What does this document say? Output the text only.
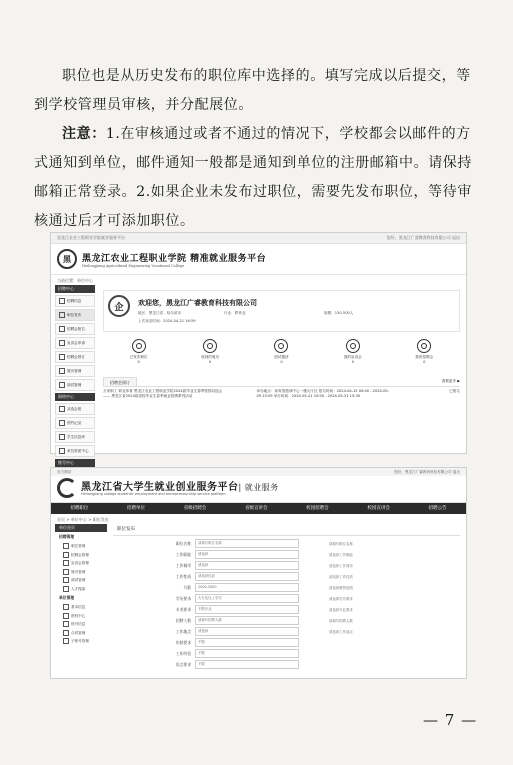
职位也是从历史发布的职位库中选择的。填写完成以后提交，等到学校管理员审核，并分配展位。

注意：1.在审核通过或者不通过的情况下，学校都会以邮件的方式通知到单位，邮件通知一般都是通知到单位的注册邮箱中。请保持邮箱正常登录。2.如果企业未发布过职位，需要先发布职位，等待审核通过后才可添加职位。

黑龙江农业工程职业学院就业服务平台	您好，黑龙江广睿教育科技有限公司 退出
黑	黑龙江农业工程职业学院 精准就业服务平台
Heilongjiang Agricultural Engineering Vocational College
当前位置：单位中心
招聘中心
招聘信息
职位发布
招聘会报名
宣讲会申请
招聘会预订
简历管理
面试管理
网络中心
双选会报
预约记录
学生信息库
单位资质中心
账号中心
企	欢迎您，黑龙江广睿教育科技有限公司
地区：黑龙江省 - 哈尔滨市	行业：教育业	规模：150-500人
上次登录时间：2024-04-21 16:59
已发布职位
0
收到的简历
0
面试邀请
0
我的宣讲会
0
我的招聘会
0
招聘会预订	查看更多 ▶
万家职工 职业体育 黑龙江农业工程职业学院2024届毕业生春季校园双选会 —— 黑龙江省2024届高校毕业生春季就业招聘系列活动
举办地点：体育馆篮球中心一楼大厅区 报名时间：2024-04-15 00:00 - 2024-05-09 23:59 举办时间：2024-05-21 10:00 - 2024-05-21 15:30
已报名
官方网站	您好，黑龙江广睿教育科技有限公司 退出
黑龙江省大学生就业创业服务平台| 就业服务
Heilongjiang college students' employment and entrepreneurship service platform
招聘职位	招聘单位	省级招聘会	省级宣讲会	校园招聘会	校园宣讲会	招聘公告
首页 > 单位中心 > 职位发布
单位首页
招聘管理
职位管理
招聘会管理
宣讲会管理
简历管理
面试管理
人才搜索
单位管理
基本信息
资料中心
账号信息
合同管理
子账号管理
职位发布
职位名称	请填写职位名称	请填写职位名称
工作职能	请选择	请选择工作职能
工作城市	请选择	请选择工作城市
工作性质	请选择性质	请选择工作性质
月薪	2000-3000	请选择薪资范围
学历要求	大专及以上学历	请选择学历要求
专业要求	不限专业	请选择专业要求
招聘人数	请填写招聘人数	请填写招聘人数
工作地点	请选择	请选择工作地点
年龄要求	不限
工作经验	不限
语言要求	不限
— 7 —
